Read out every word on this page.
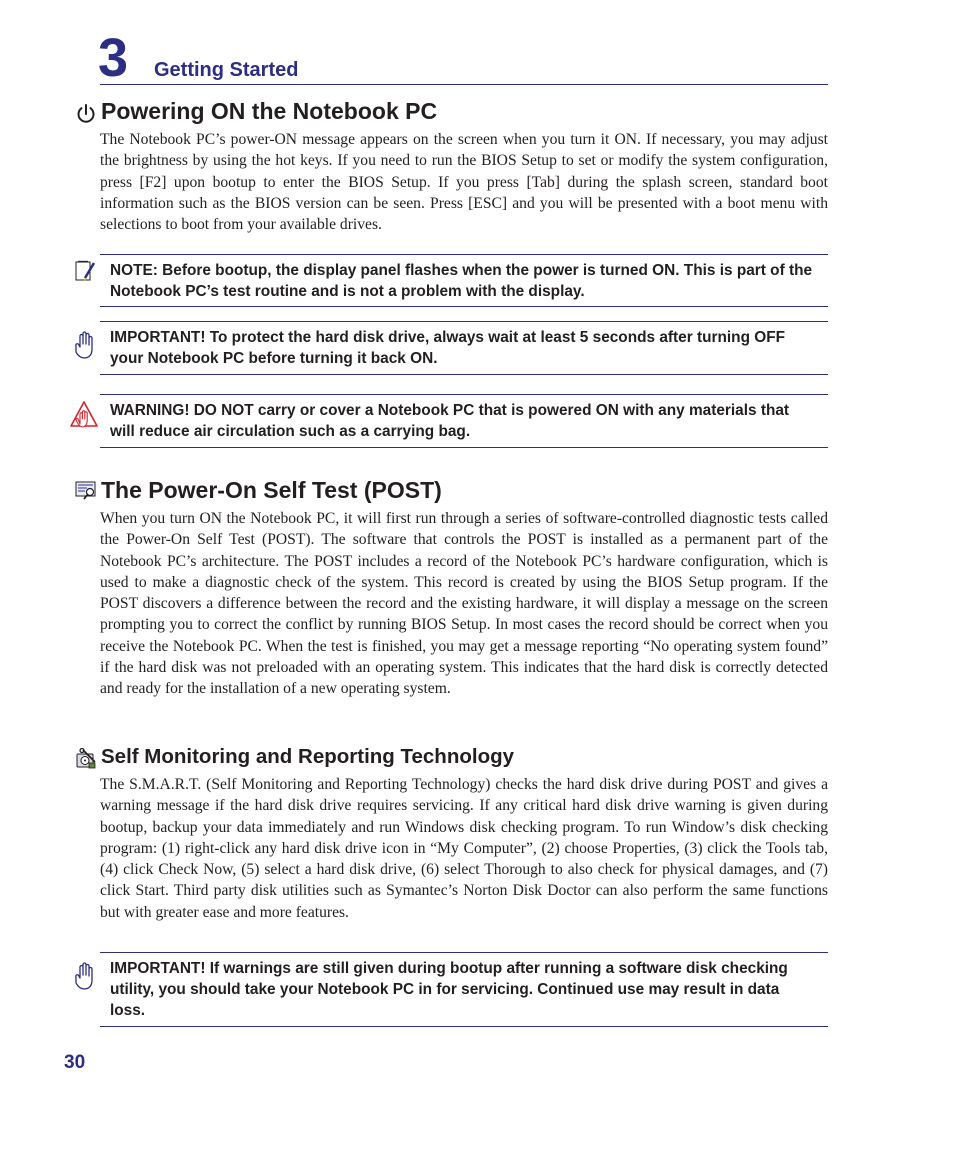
3 Getting Started
Powering ON the Notebook PC

The Notebook PC’s power-ON message appears on the screen when you turn it ON. If necessary, you may adjust the brightness by using the hot keys. If you need to run the BIOS Setup to set or modify the system configuration, press [F2] upon bootup to enter the BIOS Setup. If you press [Tab] during the splash screen, standard boot information such as the BIOS version can be seen. Press [ESC] and you will be presented with a boot menu with selections to boot from your available drives.

NOTE: Before bootup, the display panel flashes when the power is turned ON. This is part of the Notebook PC’s test routine and is not a problem with the display.

IMPORTANT! To protect the hard disk drive, always wait at least 5 seconds after turning OFF your Notebook PC before turning it back ON.

WARNING! DO NOT carry or cover a Notebook PC that is powered ON with any materials that will reduce air circulation such as a carrying bag.

The Power-On Self Test (POST)

When you turn ON the Notebook PC, it will first run through a series of software-controlled diagnostic tests called the Power-On Self Test (POST). The software that controls the POST is installed as a permanent part of the Notebook PC’s architecture. The POST includes a record of the Notebook PC’s hardware configuration, which is used to make a diagnostic check of the system. This record is created by using the BIOS Setup program. If the POST discovers a difference between the record and the existing hardware, it will display a message on the screen prompting you to correct the conflict by running BIOS Setup. In most cases the record should be correct when you receive the Notebook PC. When the test is finished, you may get a message reporting “No operating system found” if the hard disk was not preloaded with an operating system. This indicates that the hard disk is correctly detected and ready for the installation of a new operating system.

Self Monitoring and Reporting Technology

The S.M.A.R.T. (Self Monitoring and Reporting Technology) checks the hard disk drive during POST and gives a warning message if the hard disk drive requires servicing. If any critical hard disk drive warning is given during bootup, backup your data immediately and run Windows disk checking program. To run Window’s disk checking program: (1) right-click any hard disk drive icon in “My Computer”, (2) choose Properties, (3) click the Tools tab, (4) click Check Now, (5) select a hard disk drive, (6) select Thorough to also check for physical damages, and (7) click Start. Third party disk utilities such as Symantec’s Norton Disk Doctor can also perform the same functions but with greater ease and more features.

IMPORTANT! If warnings are still given during bootup after running a software disk checking utility, you should take your Notebook PC in for servicing. Continued use may result in data loss.

30
